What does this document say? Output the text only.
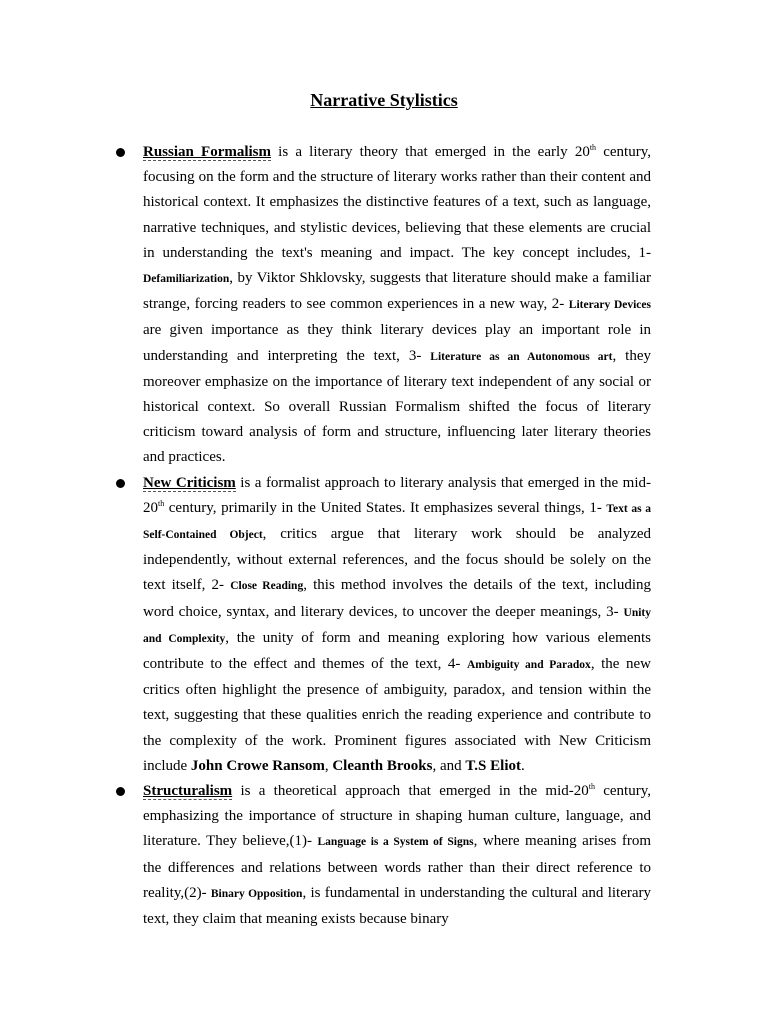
Narrative Stylistics
Russian Formalism is a literary theory that emerged in the early 20th century, focusing on the form and the structure of literary works rather than their content and historical context. It emphasizes the distinctive features of a text, such as language, narrative techniques, and stylistic devices, believing that these elements are crucial in understanding the text's meaning and impact. The key concept includes, 1- Defamiliarization, by Viktor Shklovsky, suggests that literature should make a familiar strange, forcing readers to see common experiences in a new way, 2- Literary Devices are given importance as they think literary devices play an important role in understanding and interpreting the text, 3- Literature as an Autonomous art, they moreover emphasize on the importance of literary text independent of any social or historical context. So overall Russian Formalism shifted the focus of literary criticism toward analysis of form and structure, influencing later literary theories and practices.
New Criticism is a formalist approach to literary analysis that emerged in the mid-20th century, primarily in the United States. It emphasizes several things, 1- Text as a Self-Contained Object, critics argue that literary work should be analyzed independently, without external references, and the focus should be solely on the text itself, 2- Close Reading, this method involves the details of the text, including word choice, syntax, and literary devices, to uncover the deeper meanings, 3- Unity and Complexity, the unity of form and meaning exploring how various elements contribute to the effect and themes of the text, 4- Ambiguity and Paradox, the new critics often highlight the presence of ambiguity, paradox, and tension within the text, suggesting that these qualities enrich the reading experience and contribute to the complexity of the work. Prominent figures associated with New Criticism include John Crowe Ransom, Cleanth Brooks, and T.S Eliot.
Structuralism is a theoretical approach that emerged in the mid-20th century, emphasizing the importance of structure in shaping human culture, language, and literature. They believe,(1)- Language is a System of Signs, where meaning arises from the differences and relations between words rather than their direct reference to reality,(2)- Binary Opposition, is fundamental in understanding the cultural and literary text, they claim that meaning exists because binary
